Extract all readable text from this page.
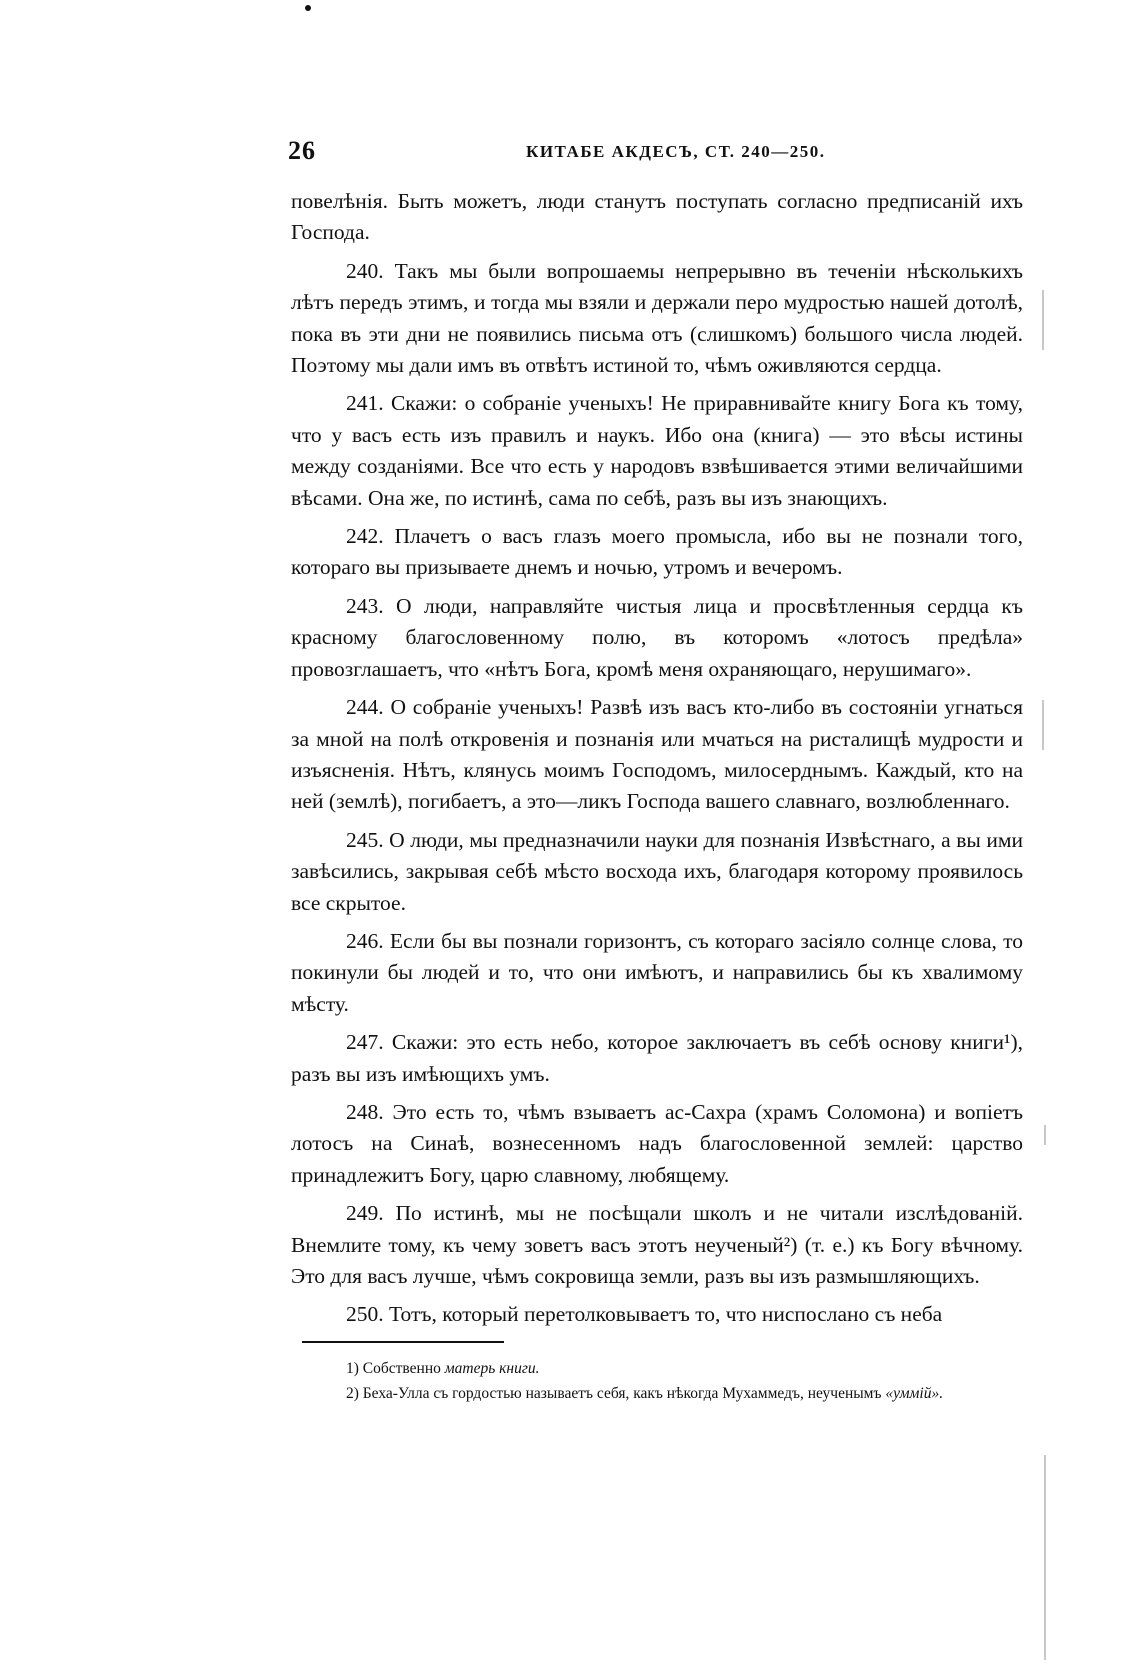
26	КИТАБЕ АКДЕСЪ, СТ. 240—250.

повелѣнія. Быть можетъ, люди станутъ поступать согласно предписаній ихъ Господа.

240. Такъ мы были вопрошаемы непрерывно въ теченіи нѣсколькихъ лѣтъ передъ этимъ, и тогда мы взяли и держали перо мудростью нашей дотолѣ, пока въ эти дни не появились письма отъ (слишкомъ) большого числа людей. Поэтому мы дали имъ въ отвѣтъ истиной то, чѣмъ оживляются сердца.

241. Скажи: о собраніе ученыхъ! Не приравнивайте книгу Бога къ тому, что у васъ есть изъ правилъ и наукъ. Ибо она (книга) — это вѣсы истины между созданіями. Все что есть у народовъ взвѣшивается этими величайшими вѣсами. Она же, по истинѣ, сама по себѣ, разъ вы изъ знающихъ.

242. Плачетъ о васъ глазъ моего промысла, ибо вы не познали того, котораго вы призываете днемъ и ночью, утромъ и вечеромъ.

243. О люди, направляйте чистыя лица и просвѣтленныя сердца къ красному благословенному полю, въ которомъ «лотосъ предѣла» провозглашаетъ, что «нѣтъ Бога, кромѣ меня охраняющаго, нерушимаго».

244. О собраніе ученыхъ! Развѣ изъ васъ кто-либо въ состояніи угнаться за мной на полѣ откровенія и познанія или мчаться на ристалищѣ мудрости и изъясненія. Нѣтъ, клянусь моимъ Господомъ, милосерднымъ. Каждый, кто на ней (землѣ), погибаетъ, а это—ликъ Господа вашего славнаго, возлюбленнаго.

245. О люди, мы предназначили науки для познанія Извѣстнаго, а вы ими завѣсились, закрывая себѣ мѣсто восхода ихъ, благодаря которому проявилось все скрытое.

246. Если бы вы познали горизонтъ, съ котораго засіяло солнце слова, то покинули бы людей и то, что они имѣютъ, и направились бы къ хвалимому мѣсту.

247. Скажи: это есть небо, которое заключаетъ въ себѣ основу книги¹), разъ вы изъ имѣющихъ умъ.

248. Это есть то, чѣмъ взываетъ ас-Сахра (храмъ Соломона) и вопіетъ лотосъ на Синаѣ, вознесенномъ надъ благословенной землей: царство принадлежитъ Богу, царю славному, любящему.

249. По истинѣ, мы не посѣщали школъ и не читали изслѣдованій. Внемлите тому, къ чему зоветъ васъ этотъ неученый²) (т. е.) къ Богу вѣчному. Это для васъ лучше, чѣмъ сокровища земли, разъ вы изъ размышляющихъ.

250. Тотъ, который перетолковываетъ то, что ниспослано съ неба

1) Собственно матерь книги.

2) Беха-Улла съ гордостью называетъ себя, какъ нѣкогда Мухаммедъ, неученымъ «уммій».
